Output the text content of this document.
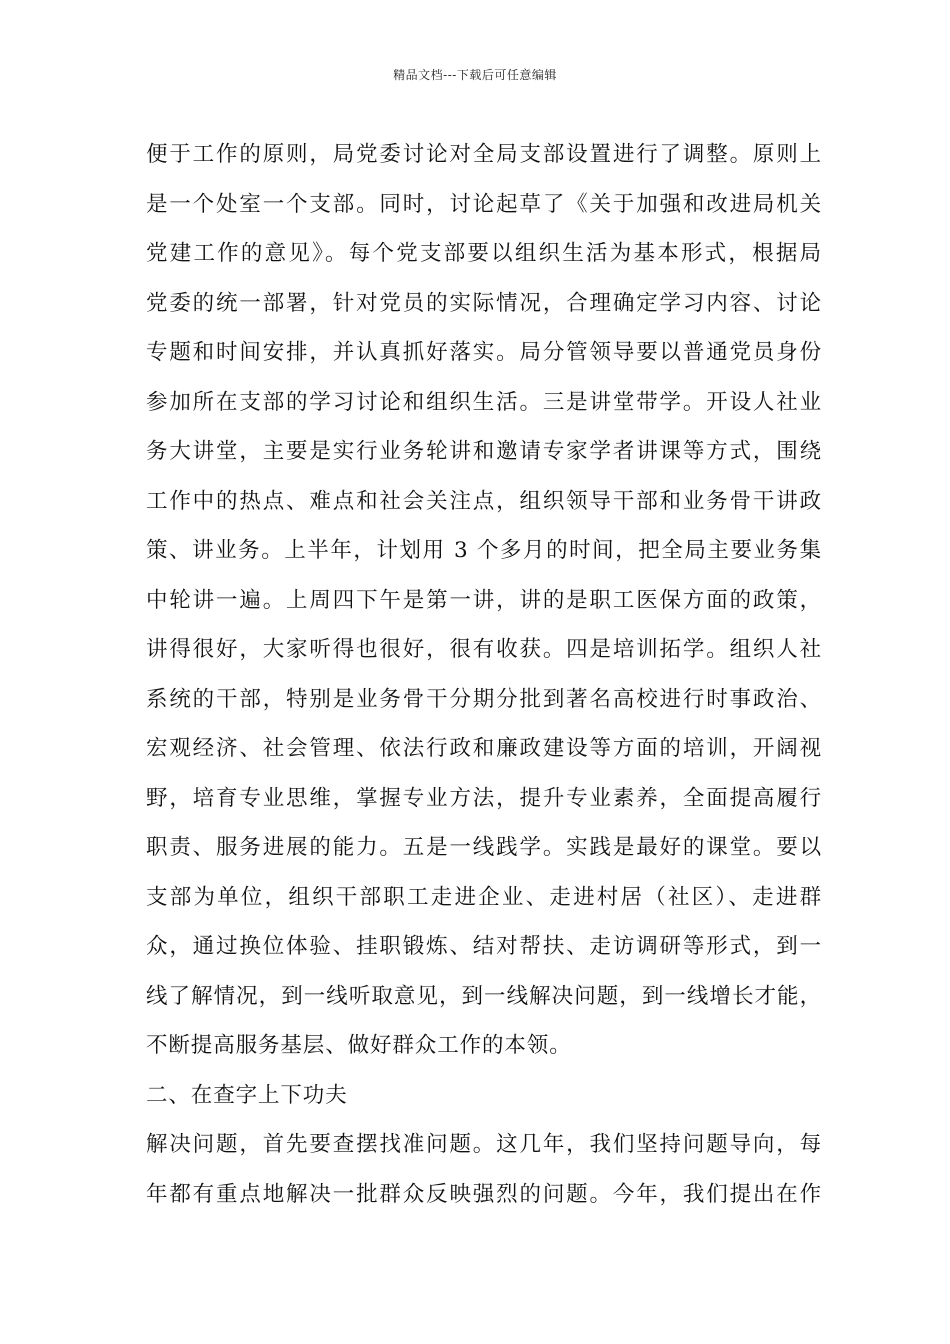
精品文档---下载后可任意编辑
便于工作的原则，局党委讨论对全局支部设置进行了调整。原则上
是一个处室一个支部。同时，讨论起草了《关于加强和改进局机关
党建工作的意见》。每个党支部要以组织生活为基本形式，根据局
党委的统一部署，针对党员的实际情况，合理确定学习内容、讨论
专题和时间安排，并认真抓好落实。局分管领导要以普通党员身份
参加所在支部的学习讨论和组织生活。三是讲堂带学。开设人社业
务大讲堂，主要是实行业务轮讲和邀请专家学者讲课等方式，围绕
工作中的热点、难点和社会关注点，组织领导干部和业务骨干讲政
策、讲业务。上半年，计划用 3 个多月的时间，把全局主要业务集
中轮讲一遍。上周四下午是第一讲，讲的是职工医保方面的政策，
讲得很好，大家听得也很好，很有收获。四是培训拓学。组织人社
系统的干部，特别是业务骨干分期分批到著名高校进行时事政治、
宏观经济、社会管理、依法行政和廉政建设等方面的培训，开阔视
野，培育专业思维，掌握专业方法，提升专业素养，全面提高履行
职责、服务进展的能力。五是一线践学。实践是最好的课堂。要以
支部为单位，组织干部职工走进企业、走进村居（社区）、走进群
众，通过换位体验、挂职锻炼、结对帮扶、走访调研等形式，到一
线了解情况，到一线听取意见，到一线解决问题，到一线增长才能，
不断提高服务基层、做好群众工作的本领。
二、在查字上下功夫
解决问题，首先要查摆找准问题。这几年，我们坚持问题导向，每
年都有重点地解决一批群众反映强烈的问题。今年，我们提出在作
